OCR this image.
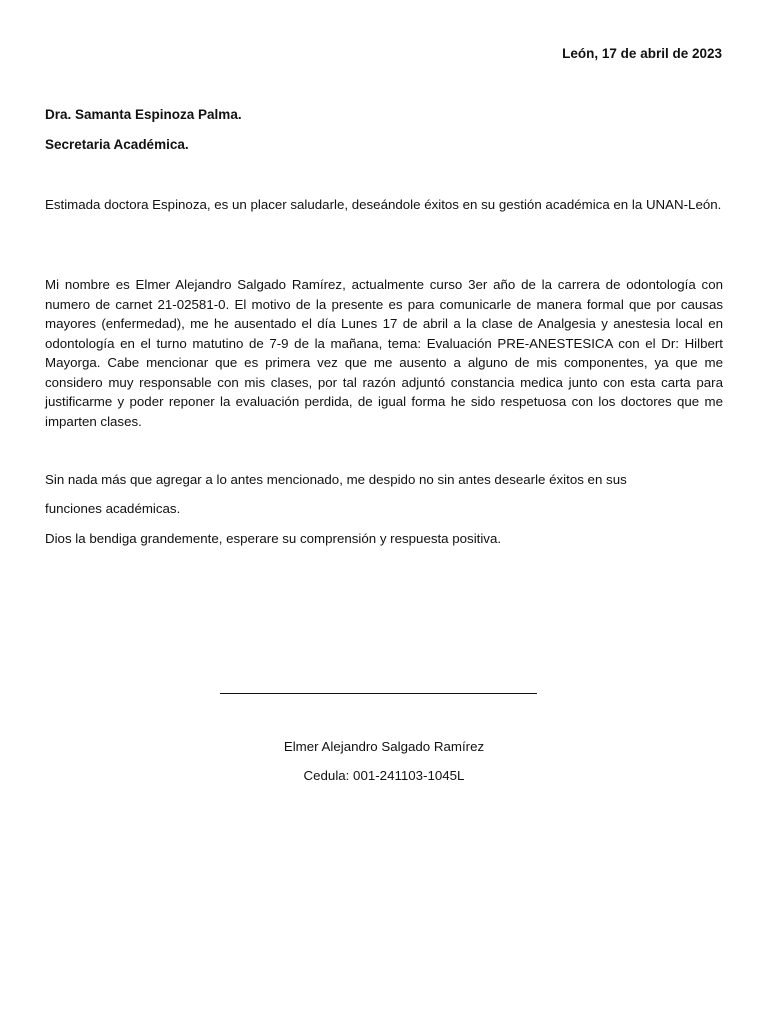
León, 17 de abril de 2023
Dra. Samanta Espinoza Palma.
Secretaria Académica.

Estimada doctora Espinoza, es un placer saludarle, deseándole éxitos en su gestión académica en la UNAN-León.

Mi nombre es Elmer Alejandro Salgado Ramírez, actualmente curso 3er año de la carrera de odontología con numero de carnet 21-02581-0. El motivo de la presente es para comunicarle de manera formal que por causas mayores (enfermedad), me he ausentado el día Lunes 17 de abril a la clase de Analgesia y anestesia local en odontología en el turno matutino de 7-9 de la mañana, tema: Evaluación PRE-ANESTESICA con el Dr: Hilbert Mayorga. Cabe mencionar que es primera vez que me ausento a alguno de mis componentes, ya que me considero muy responsable con mis clases, por tal razón adjuntó constancia medica junto con esta carta para justificarme y poder reponer la evaluación perdida, de igual forma he sido respetuosa con los doctores que me imparten clases.

Sin nada más que agregar a lo antes mencionado, me despido no sin antes desearle éxitos en sus

funciones académicas.

Dios la bendiga grandemente, esperare su comprensión y respuesta positiva.

Elmer Alejandro Salgado Ramírez
Cedula: 001-241103-1045L
